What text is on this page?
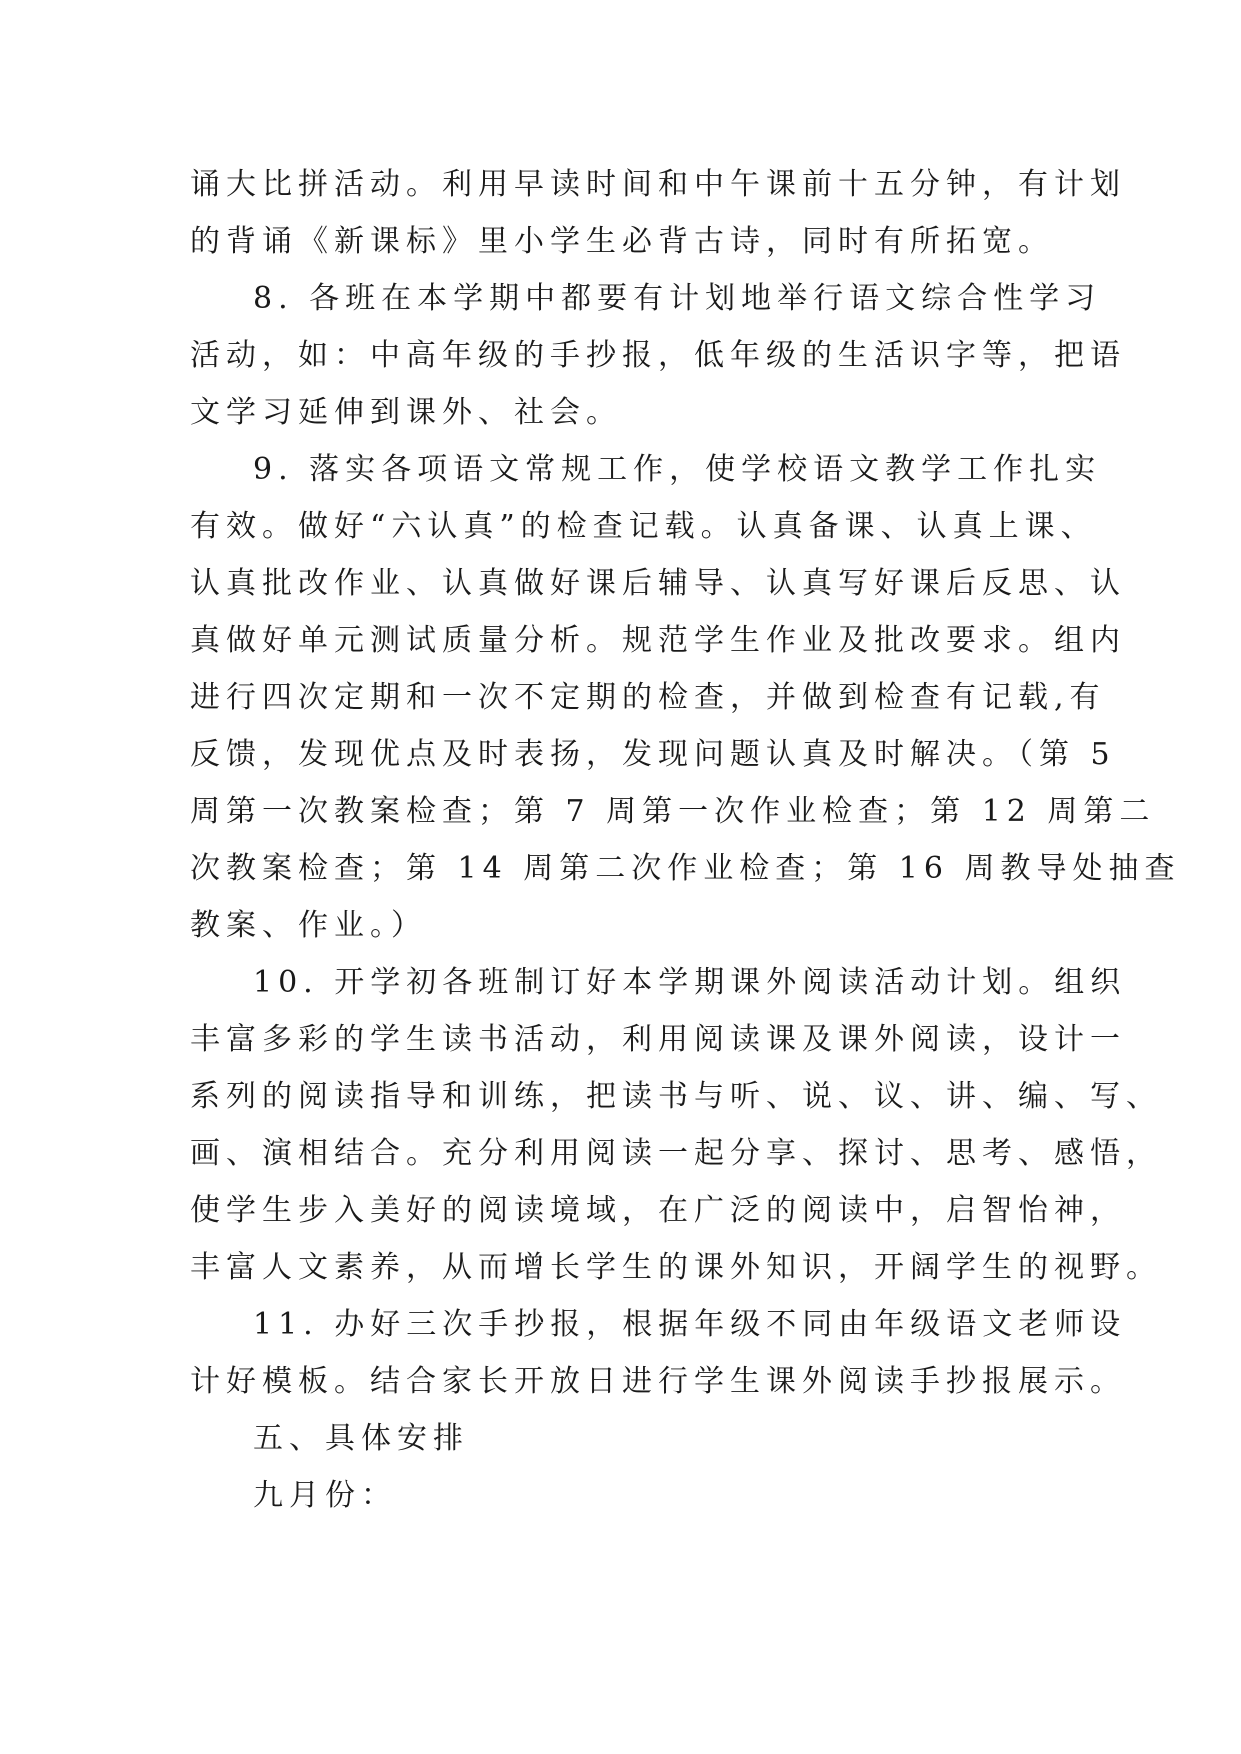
诵大比拼活动。利用早读时间和中午课前十五分钟，有计划
的背诵《新课标》里小学生必背古诗，同时有所拓宽。
8. 各班在本学期中都要有计划地举行语文综合性学习
活动，如：中高年级的手抄报，低年级的生活识字等，把语
文学习延伸到课外、社会。
9. 落实各项语文常规工作，使学校语文教学工作扎实
有效。做好“六认真”的检查记载。认真备课、认真上课、
认真批改作业、认真做好课后辅导、认真写好课后反思、认
真做好单元测试质量分析。规范学生作业及批改要求。组内
进行四次定期和一次不定期的检查，并做到检查有记载,有
反馈，发现优点及时表扬，发现问题认真及时解决。（第 5
周第一次教案检查；第 7 周第一次作业检查；第 12 周第二
次教案检查；第 14 周第二次作业检查；第 16 周教导处抽查
教案、作业。）
10. 开学初各班制订好本学期课外阅读活动计划。组织
丰富多彩的学生读书活动，利用阅读课及课外阅读，设计一
系列的阅读指导和训练，把读书与听、说、议、讲、编、写、
画、演相结合。充分利用阅读一起分享、探讨、思考、感悟，
使学生步入美好的阅读境域，在广泛的阅读中，启智怡神，
丰富人文素养，从而增长学生的课外知识，开阔学生的视野。
11. 办好三次手抄报，根据年级不同由年级语文老师设
计好模板。结合家长开放日进行学生课外阅读手抄报展示。
五、具体安排
九月份：
